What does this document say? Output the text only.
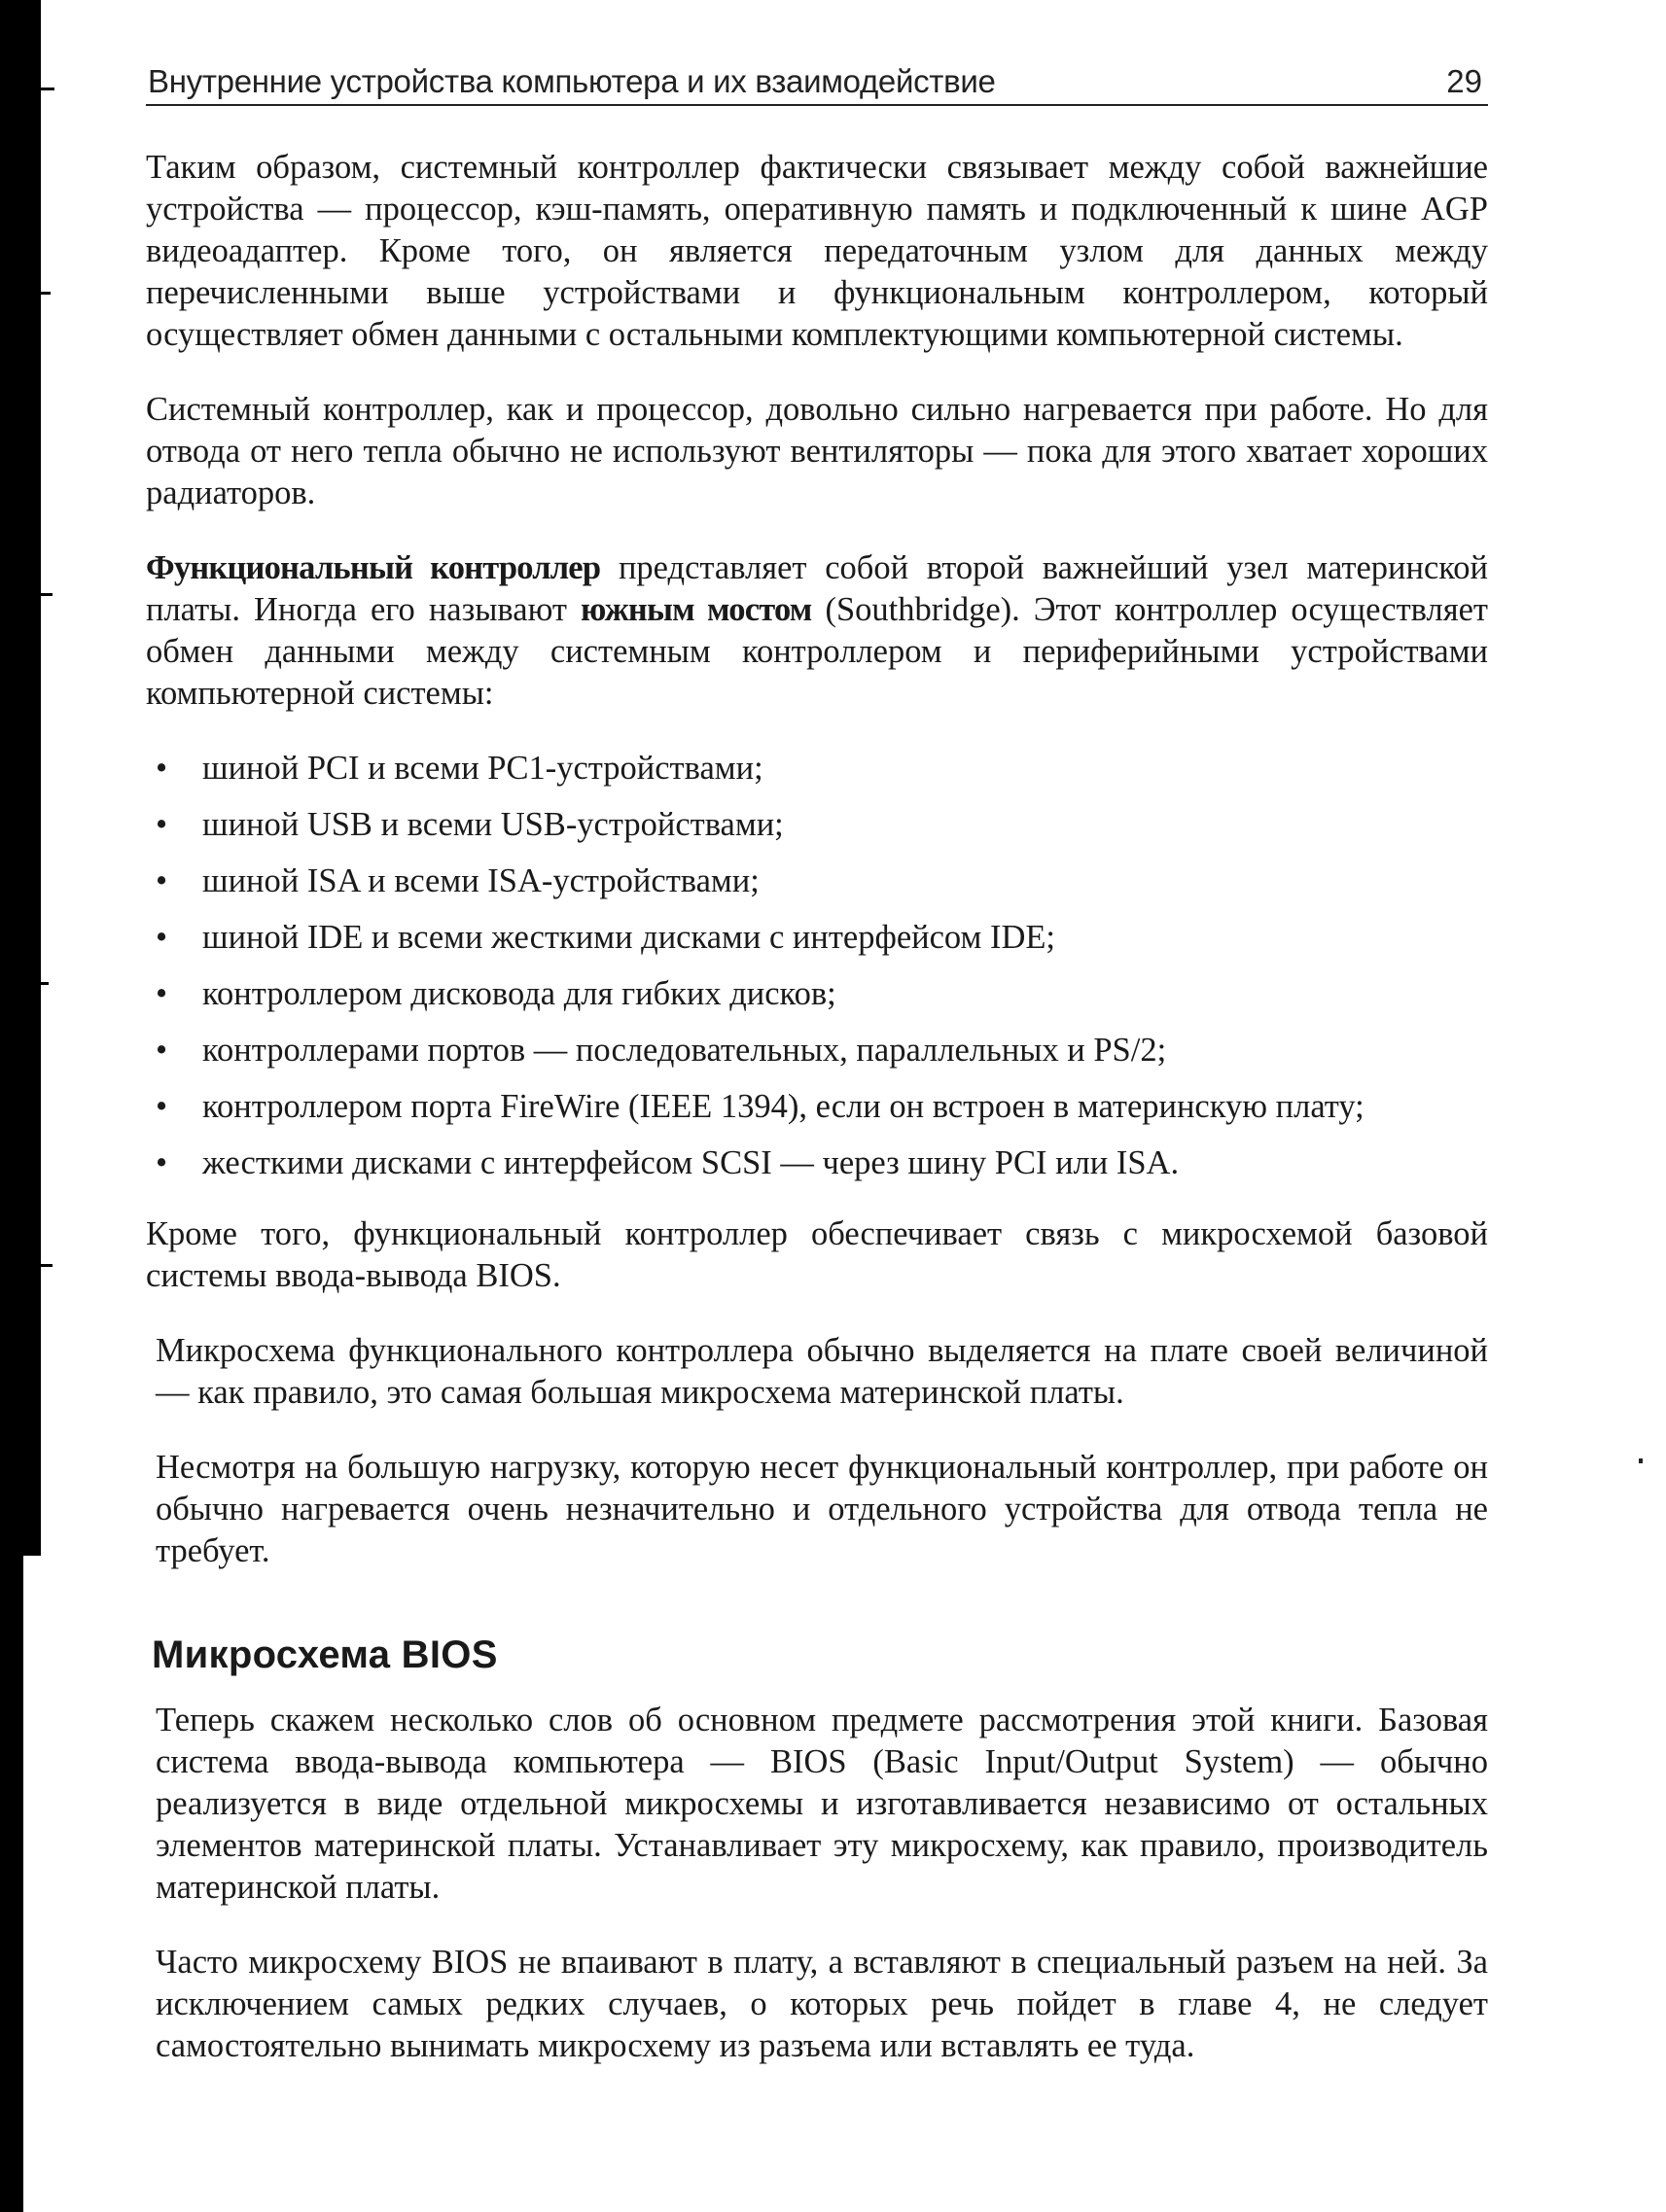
Внутренние устройства компьютера и их взаимодействие	29

Таким образом, системный контроллер фактически связывает между собой важнейшие устройства — процессор, кэш-память, оперативную память и подключенный к шине AGP видеоадаптер. Кроме того, он является передаточным узлом для данных между перечисленными выше устройствами и функциональным контроллером, который осуществляет обмен данными с остальными комплектующими компьютерной системы.

Системный контроллер, как и процессор, довольно сильно нагревается при работе. Но для отвода от него тепла обычно не используют вентиляторы — пока для этого хватает хороших радиаторов.

Функциональный контроллер представляет собой второй важнейший узел материнской платы. Иногда его называют южным мостом (Southbridge). Этот контроллер осуществляет обмен данными между системным контроллером и периферийными устройствами компьютерной системы:

• шиной PCI и всеми PC1-устройствами;
• шиной USB и всеми USB-устройствами;
• шиной ISA и всеми ISA-устройствами;
• шиной IDE и всеми жесткими дисками с интерфейсом IDE;
• контроллером дисковода для гибких дисков;
• контроллерами портов — последовательных, параллельных и PS/2;
• контроллером порта FireWire (IEEE 1394), если он встроен в материнскую плату;
• жесткими дисками с интерфейсом SCSI — через шину PCI или ISA.

Кроме того, функциональный контроллер обеспечивает связь с микросхемой базовой системы ввода-вывода BIOS.

Микросхема функционального контроллера обычно выделяется на плате своей величиной — как правило, это самая большая микросхема материнской платы.

Несмотря на большую нагрузку, которую несет функциональный контроллер, при работе он обычно нагревается очень незначительно и отдельного устройства для отвода тепла не требует.

Микросхема BIOS

Теперь скажем несколько слов об основном предмете рассмотрения этой книги. Базовая система ввода-вывода компьютера — BIOS (Basic Input/Output System) — обычно реализуется в виде отдельной микросхемы и изготавливается независимо от остальных элементов материнской платы. Устанавливает эту микросхему, как правило, производитель материнской платы.

Часто микросхему BIOS не впаивают в плату, а вставляют в специальный разъем на ней. За исключением самых редких случаев, о которых речь пойдет в главе 4, не следует самостоятельно вынимать микросхему из разъема или вставлять ее туда.
